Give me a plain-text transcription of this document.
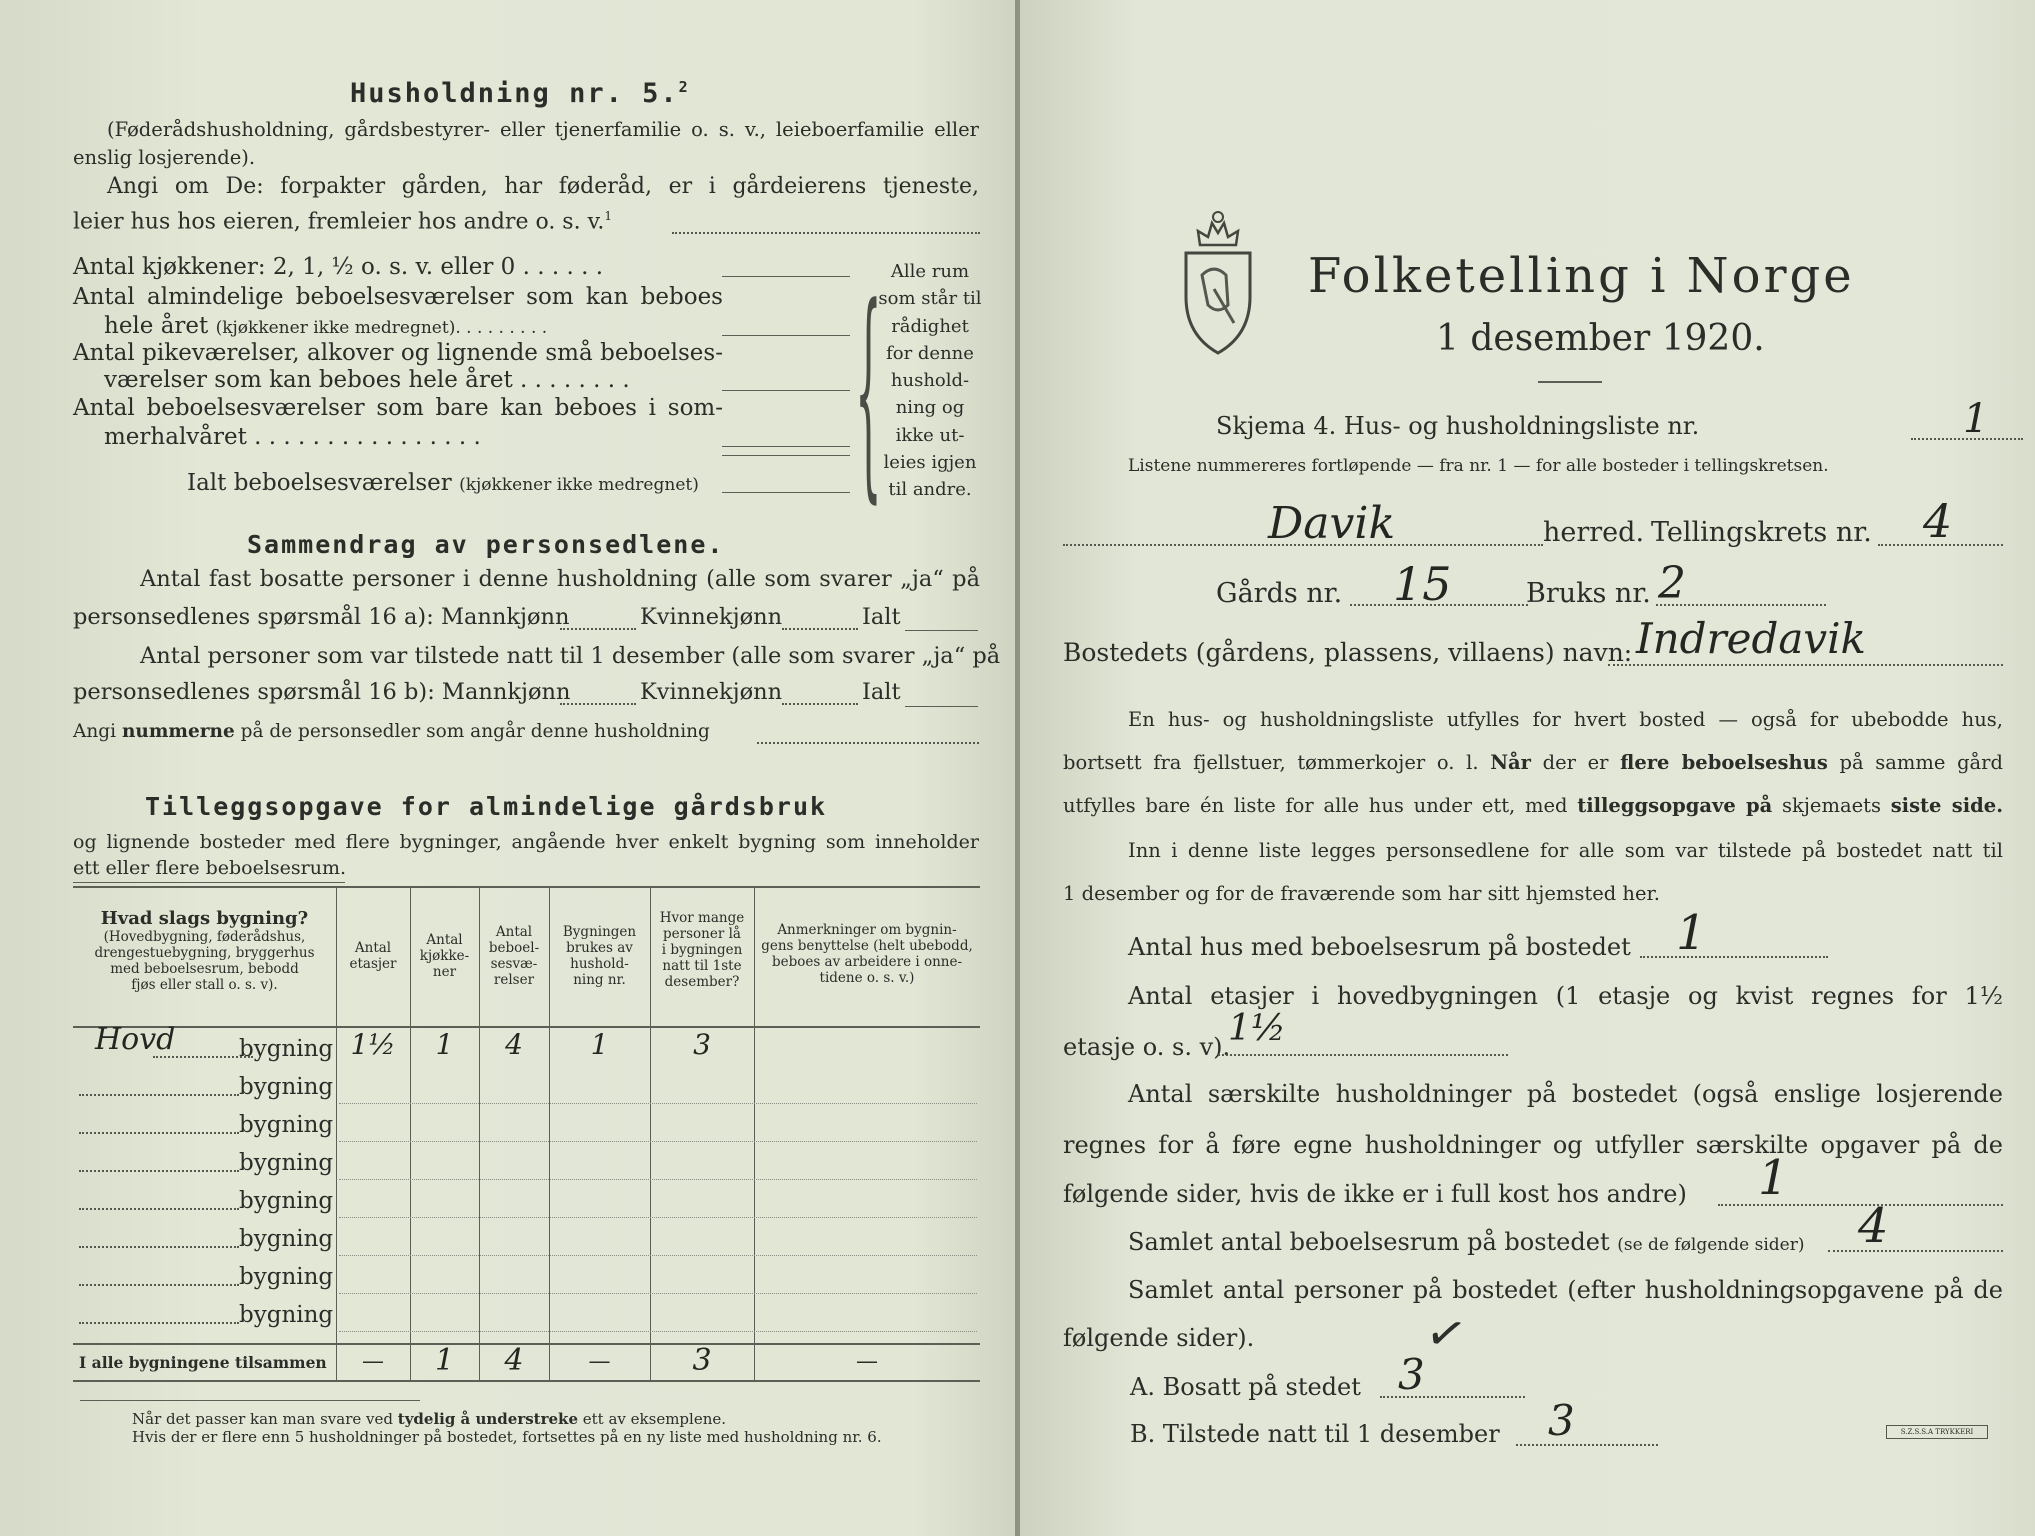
Husholdning nr. 5.$^2$
(Føderådshusholdning, gårdsbestyrer- eller tjenerfamilie o. s. v., leieboerfamilie eller
enslig losjerende).
Angi om De: forpakter gården, har føderåd, er i gårdeierens tjeneste,
leier hus hos eieren, fremleier hos andre o. s. v.$^1$
Antal kjøkkener: 2, 1, ½ o. s. v. eller 0 . . . . . .
Antal almindelige beboelsesværelser som kan beboes
hele året (kjøkkener ikke medregnet). . . . . . . . .
Antal pikeværelser, alkover og lignende små beboelses-
værelser som kan beboes hele året . . . . . . . .
Antal beboelsesværelser som bare kan beboes i som-
merhalvåret . . . . . . . . . . . . . . . .
Ialt beboelsesværelser (kjøkkener ikke medregnet)	{ Alle rum
som står til
rådighet
for denne
hushold-
ning og
ikke ut-
leies igjen
til andre.
Sammendrag av personsedlene.
Antal fast bosatte personer i denne husholdning (alle som svarer „ja“ på
personsedlenes spørsmål 16 a): Mannkjønn	Kvinnekjønn	Ialt
Antal personer som var tilstede natt til 1 desember (alle som svarer „ja“ på
personsedlenes spørsmål 16 b): Mannkjønn	Kvinnekjønn	Ialt
Angi nummerne på de personsedler som angår denne husholdning
Tilleggsopgave for almindelige gårdsbruk
og lignende bosteder med flere bygninger, angående hver enkelt bygning som inneholder
ett eller flere beboelsesrum.
Hvad slags bygning?
(Hovedbygning, føderådshus,
drengestuebygning, bryggerhus
med beboelsesrum, bebodd
fjøs eller stall o. s. v).
Antal
etasjer
Antal
kjøkke-
ner
Antal
beboel-
sesvæ-
relser
Bygningen
brukes av
hushold-
ning nr.
Hvor mange
personer lå
i bygningen
natt til 1ste
desember?
Anmerkninger om bygnin-
gens benyttelse (helt ubebodd,
beboes av arbeidere i onne-
tidene o. s. v.)
Hovd	bygning 1½	1	4	1	3
bygning
bygning
bygning
bygning
bygning
bygning
bygning
I alle bygningene tilsammen	—	1	4	—	3	—
Når det passer kan man svare ved tydelig å understreke ett av eksemplene.
Hvis der er flere enn 5 husholdninger på bostedet, fortsettes på en ny liste med husholdning nr. 6.
Folketelling i Norge
1 desember 1920.
Skjema 4. Hus- og husholdningsliste nr.	1
Listene nummereres fortløpende — fra nr. 1 — for alle bosteder i tellingskretsen.
Davik	herred. Tellingskrets nr. 4
Gårds nr. 15	Bruks nr. 2
Bostedets (gårdens, plassens, villaens) navn: Indredavik
En hus- og husholdningsliste utfylles for hvert bosted — også for ubebodde hus,
bortsett fra fjellstuer, tømmerkojer o. l. Når der er flere beboelseshus på samme gård
utfylles bare én liste for alle hus under ett, med tilleggsopgave på skjemaets siste side.
Inn i denne liste legges personsedlene for alle som var tilstede på bostedet natt til
1 desember og for de fraværende som har sitt hjemsted her.
Antal hus med beboelsesrum på bostedet 1
Antal etasjer i hovedbygningen (1 etasje og kvist regnes for 1½
etasje o. s. v).
1½
Antal særskilte husholdninger på bostedet (også enslige losjerende
regnes for å føre egne husholdninger og utfyller særskilte opgaver på de
følgende sider, hvis de ikke er i full kost hos andre) 1
Samlet antal beboelsesrum på bostedet (se de følgende sider) 4
Samlet antal personer på bostedet (efter husholdningsopgavene på de
følgende sider).
A. Bosatt på stedet 3
✓
B. Tilstede natt til 1 desember 3	S.Z.S.S.A TRYKKERI
